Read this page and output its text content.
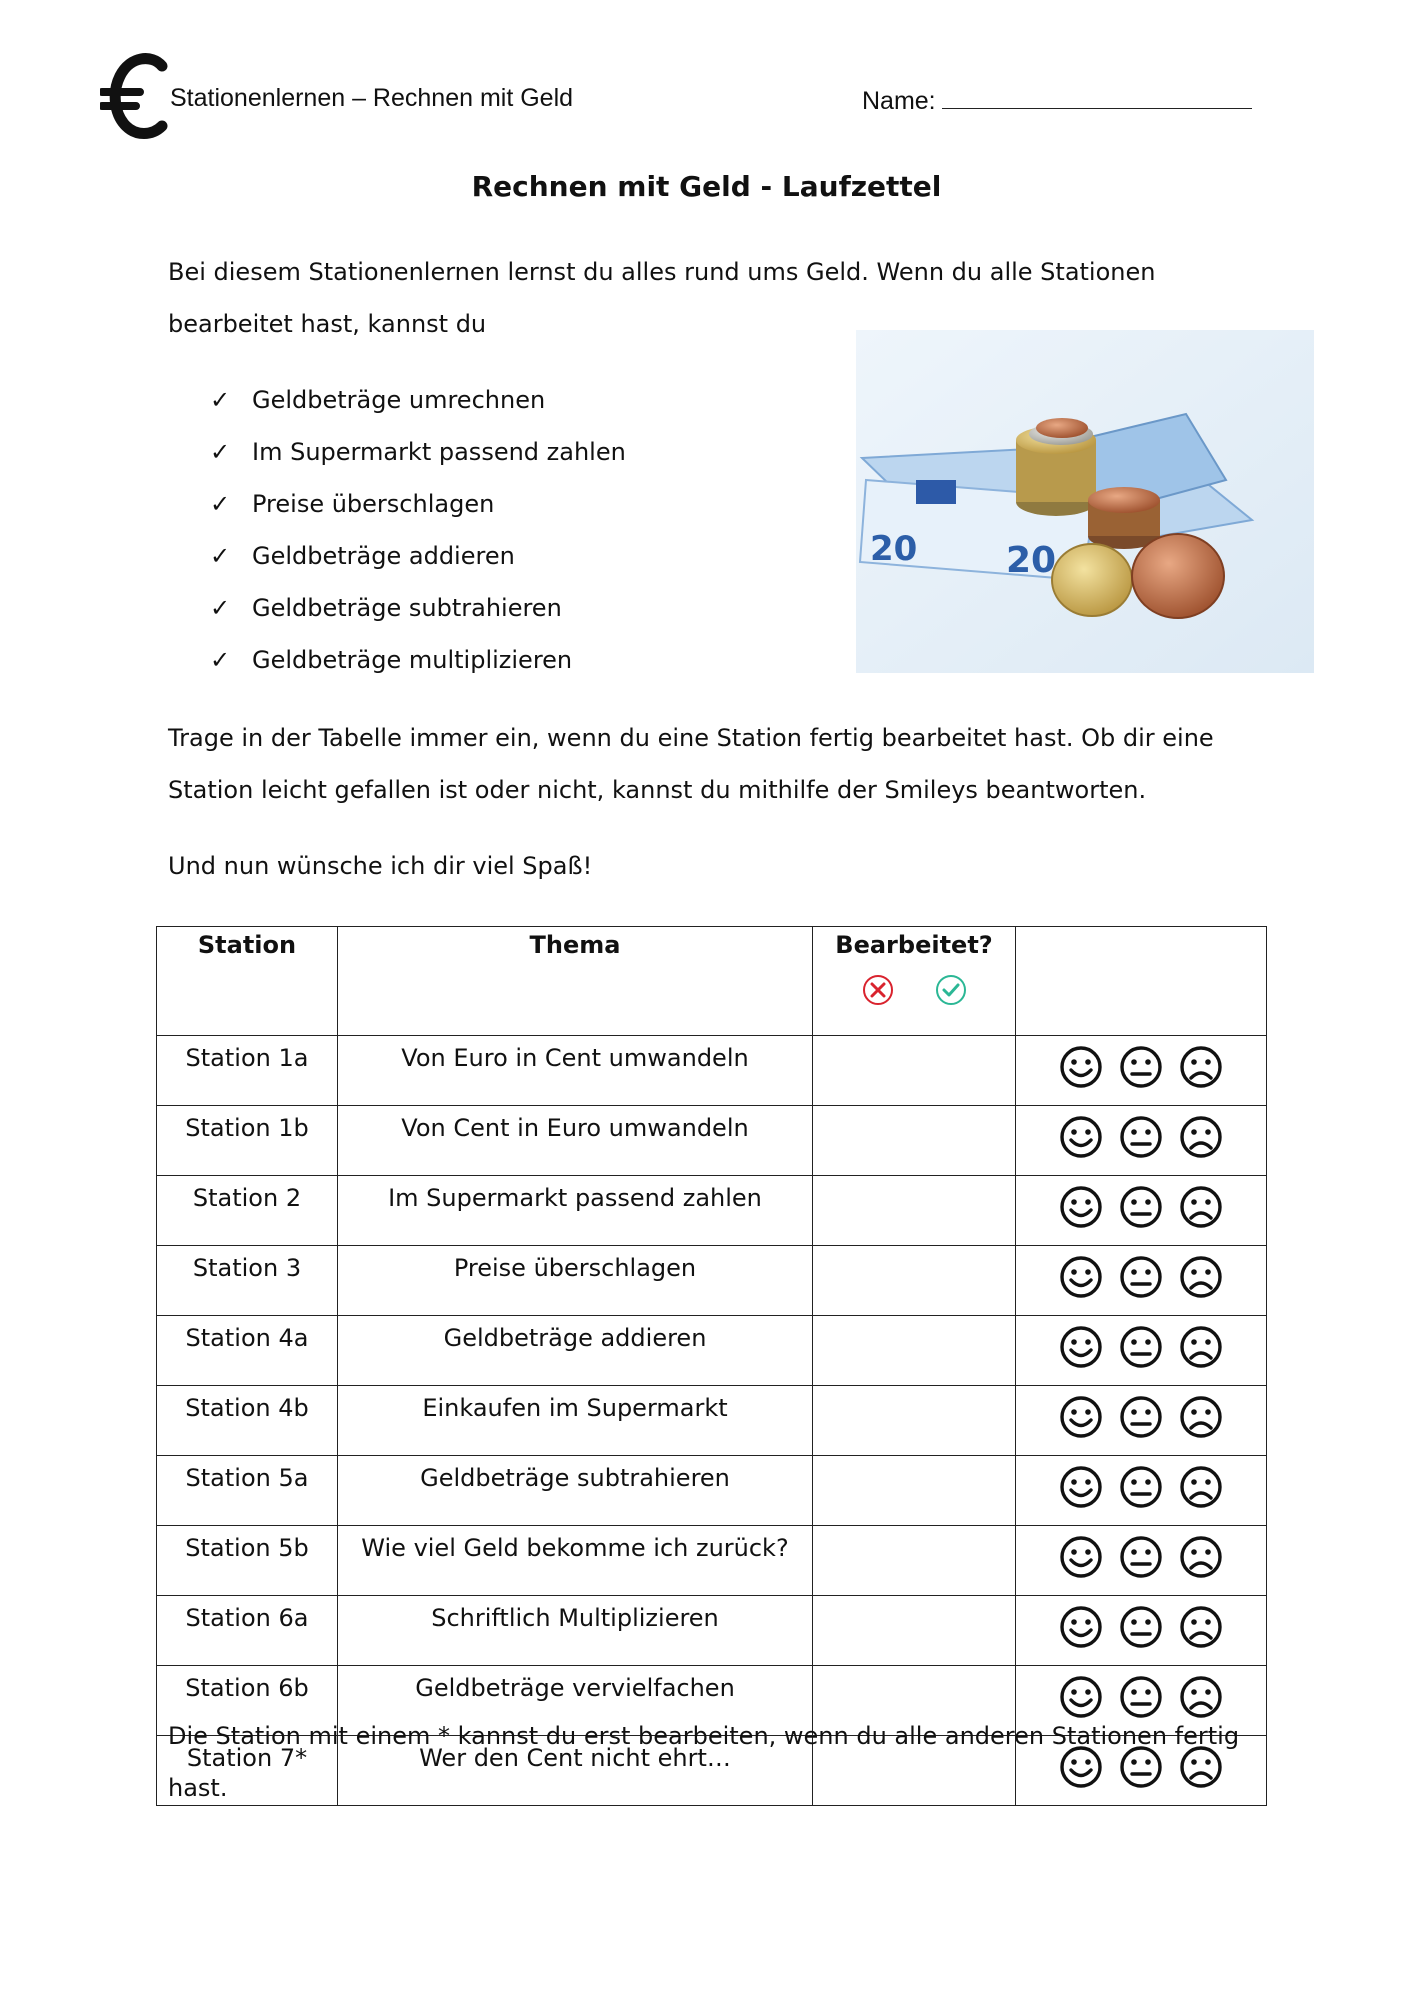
Stationenlernen – Rechnen mit Geld	Name:
Rechnen mit Geld - Laufzettel
Bei diesem Stationenlernen lernst du alles rund ums Geld. Wenn du alle Stationen bearbeitet hast, kannst du
✓ Geldbeträge umrechnen
✓ Im Supermarkt passend zahlen
✓ Preise überschlagen
✓ Geldbeträge addieren
✓ Geldbeträge subtrahieren
✓ Geldbeträge multiplizieren
20 20
Trage in der Tabelle immer ein, wenn du eine Station fertig bearbeitet hast. Ob dir eine Station leicht gefallen ist oder nicht, kannst du mithilfe der Smileys beantworten.
Und nun wünsche ich dir viel Spaß!
Station	Thema	Bearbeitet?	

Station 1a	Von Euro in Cent umwandeln		

Station 1b	Von Cent in Euro umwandeln		

Station 2	Im Supermarkt passend zahlen		

Station 3	Preise überschlagen		

Station 4a	Geldbeträge addieren		

Station 4b	Einkaufen im Supermarkt		

Station 5a	Geldbeträge subtrahieren		

Station 5b	Wie viel Geld bekomme ich zurück?		

Station 6a	Schriftlich Multiplizieren		

Station 6b	Geldbeträge vervielfachen		

Station 7*	Wer den Cent nicht ehrt…		
Die Station mit einem * kannst du erst bearbeiten, wenn du alle anderen Stationen fertig hast.
